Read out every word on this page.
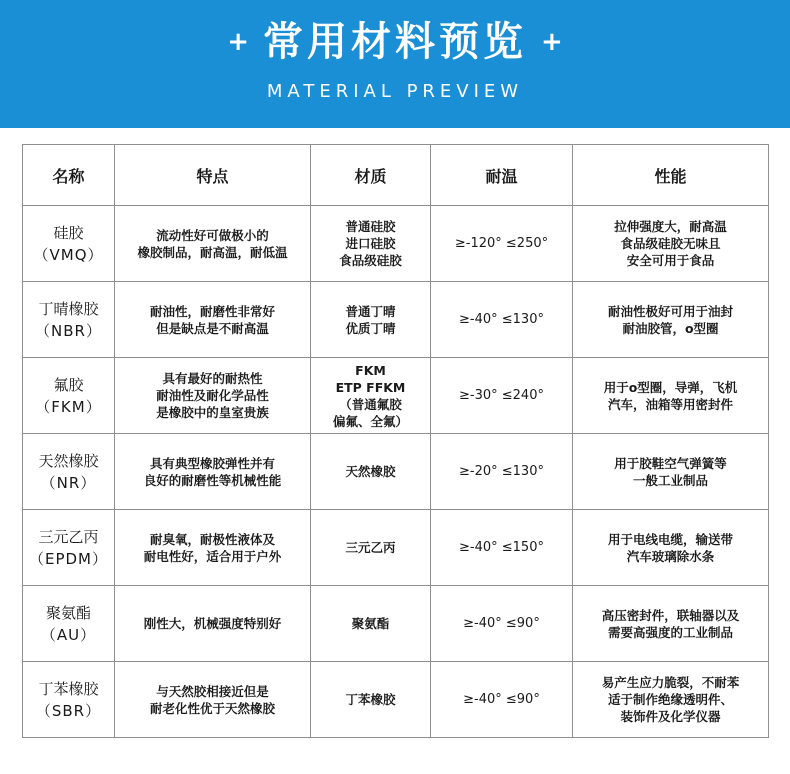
+ 常用材料预览 +
MATERIAL PREVIEW
名称	特点	材质	耐温	性能

硅胶
（VMQ）	流动性好可做极小的
橡胶制品，耐高温，耐低温	普通硅胶
进口硅胶
食品级硅胶	≥-120° ≤250°	拉伸强度大，耐高温
食品级硅胶无味且
安全可用于食品

丁晴橡胶
（NBR）	耐油性，耐磨性非常好
但是缺点是不耐高温	普通丁晴
优质丁晴	≥-40° ≤130°	耐油性极好可用于油封
耐油胶管，o型圈

氟胶
（FKM）	具有最好的耐热性
耐油性及耐化学品性
是橡胶中的皇室贵族	FKM
ETP FFKM
（普通氟胶
偏氟、全氟）	≥-30° ≤240°	用于o型圈，导弹，飞机
汽车，油箱等用密封件

天然橡胶
（NR）	具有典型橡胶弹性并有
良好的耐磨性等机械性能	天然橡胶	≥-20° ≤130°	用于胶鞋空气弹簧等
一般工业制品

三元乙丙
（EPDM）	耐臭氧，耐极性液体及
耐电性好，适合用于户外	三元乙丙	≥-40° ≤150°	用于电线电缆，输送带
汽车玻璃除水条

聚氨酯
（AU）	刚性大，机械强度特别好	聚氨酯	≥-40° ≤90°	高压密封件，联轴器以及
需要高强度的工业制品

丁苯橡胶
（SBR）	与天然胶相接近但是
耐老化性优于天然橡胶	丁苯橡胶	≥-40° ≤90°	易产生应力脆裂，不耐苯
适于制作绝缘透明件、
装饰件及化学仪器
